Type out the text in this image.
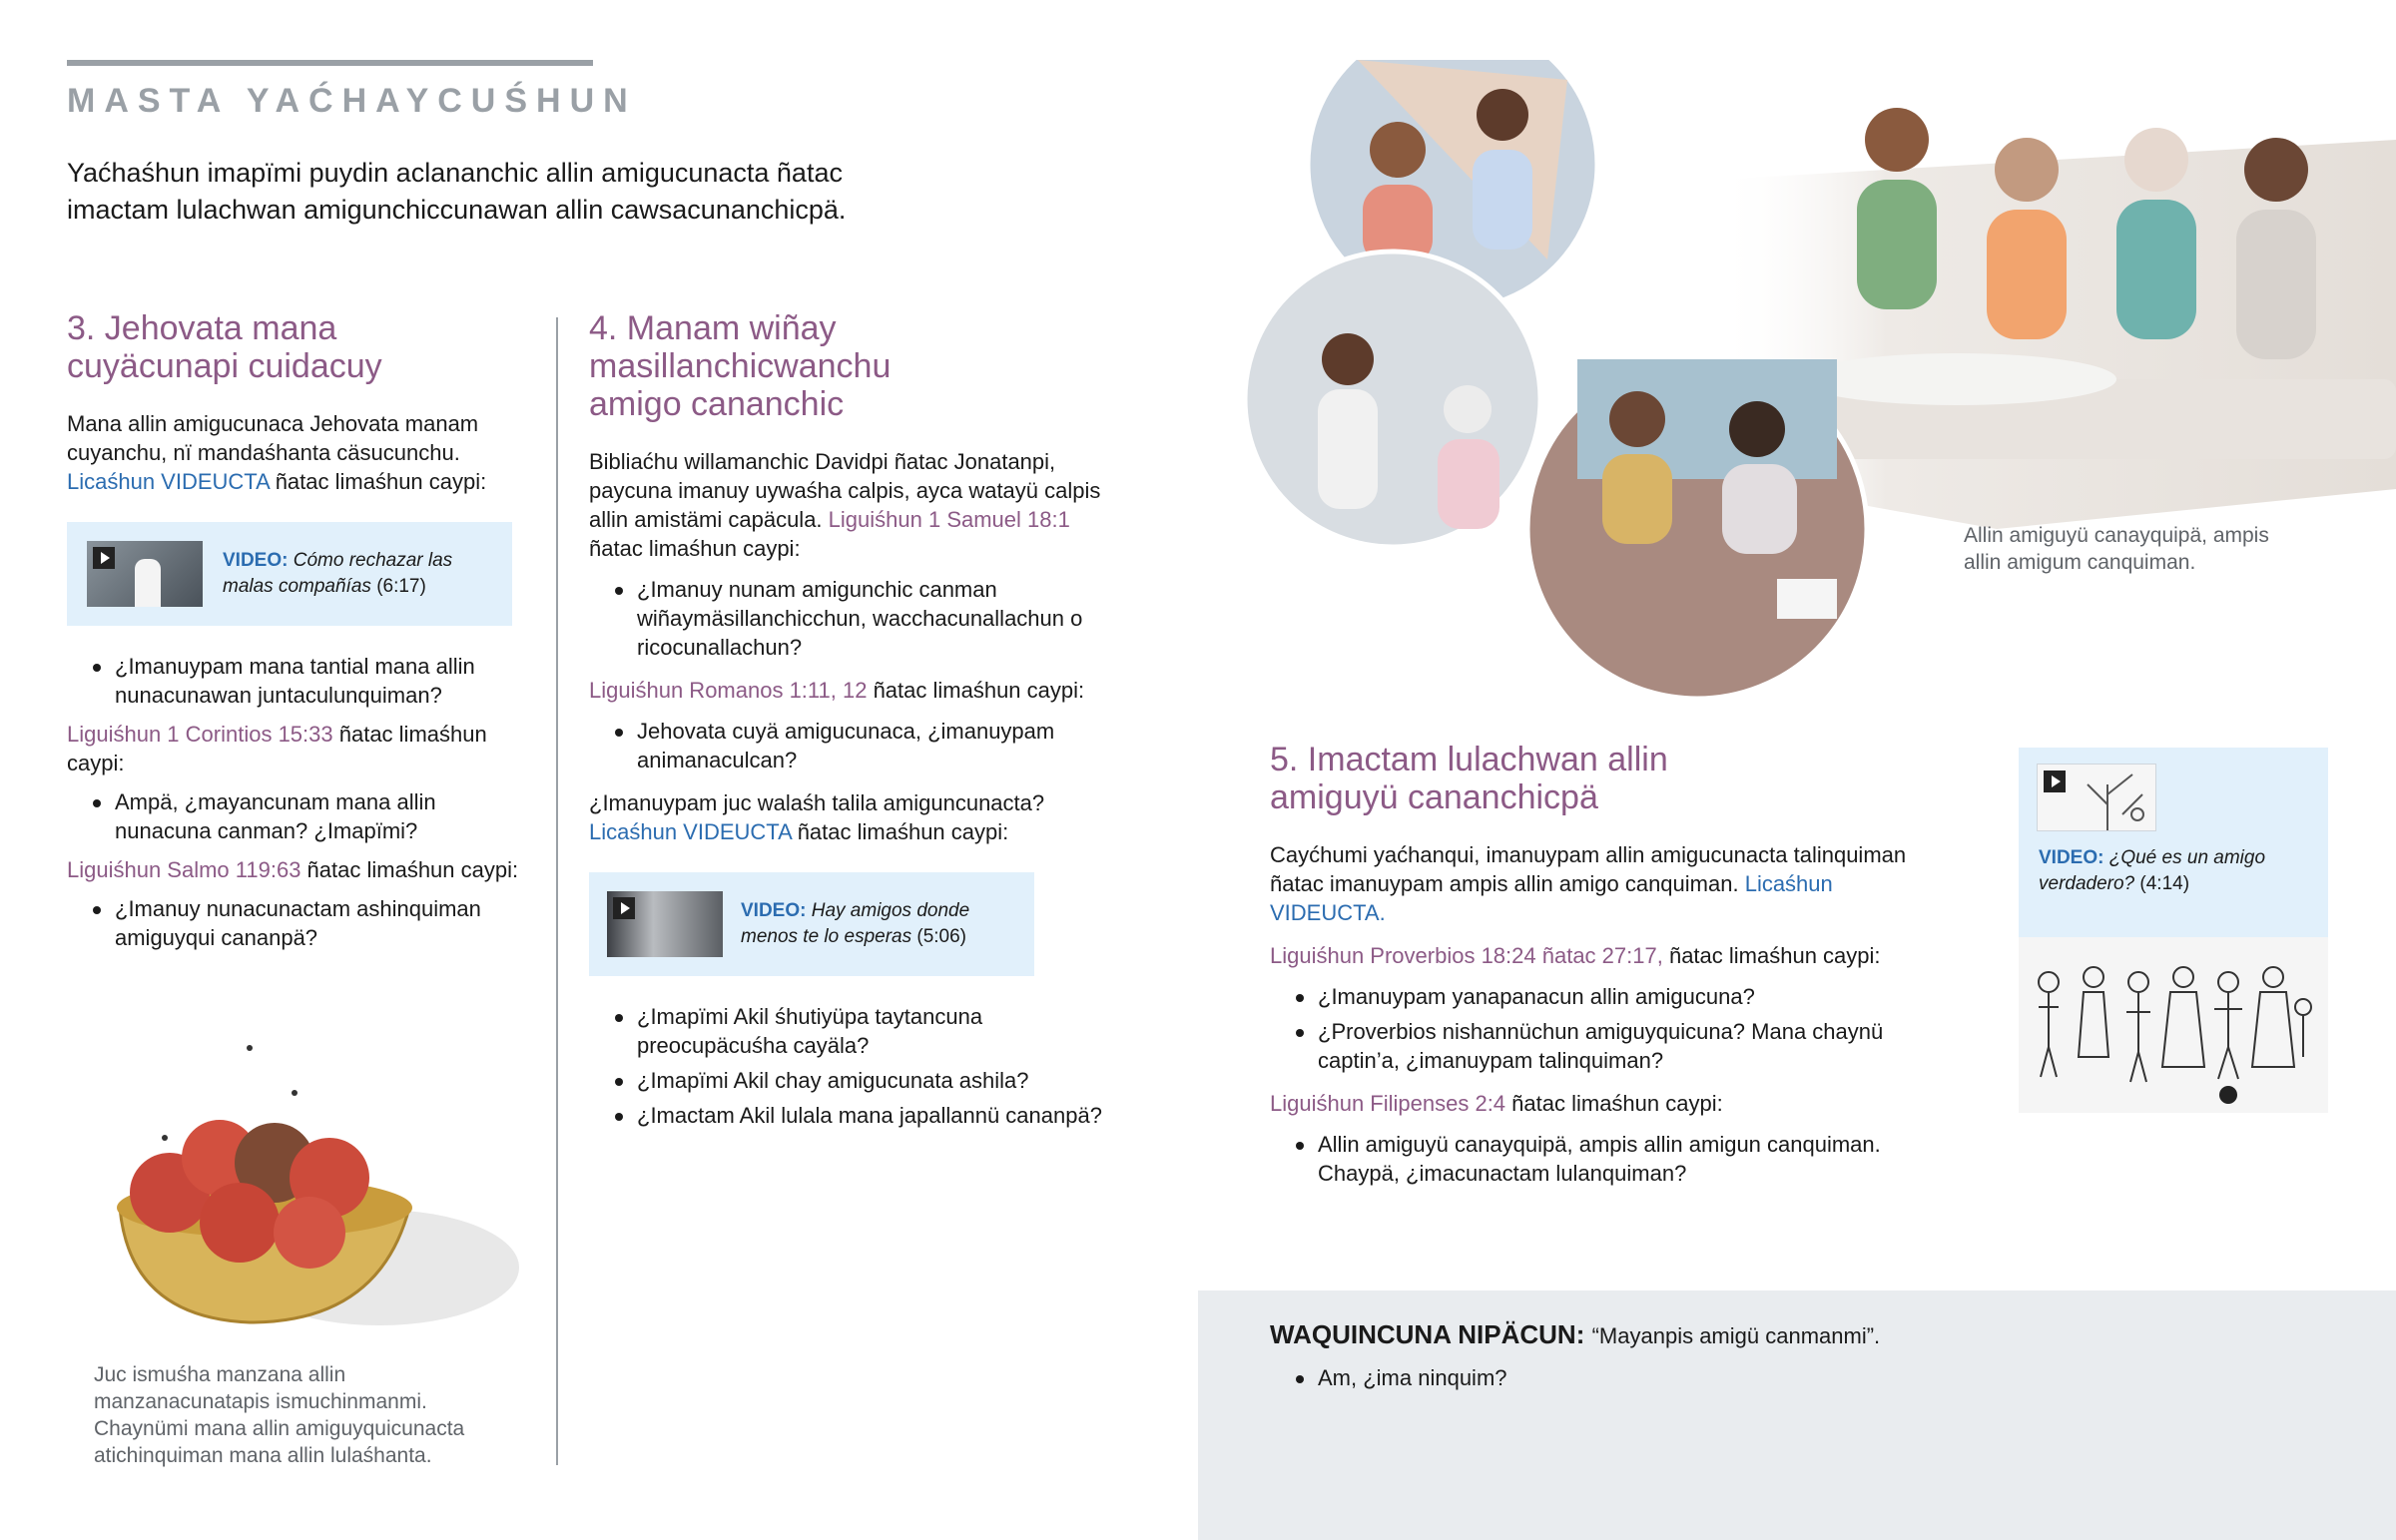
MASTA YAĆHAYCUŚHUN
Yaćhaśhun imapïmi puydin aclananchic allin amigucunacta ñatac imactam lulachwan amigunchiccunawan allin cawsacunanchicpä.
3. Jehovata mana cuyäcunapi cuidacuy

Mana allin amigucunaca Jehovata manam cuyanchu, nï mandaśhanta cäsucunchu.
Licaśhun VIDEUCTA ñatac limaśhun caypi:

VIDEO: Cómo rechazar las malas compañías (6:17)
¿Imanuypam mana tantial mana allin nunacunawan juntaculunquiman?

Liguiśhun 1 Corintios 15:33 ñatac limaśhun caypi:

Ampä, ¿mayancunam mana allin nunacuna canman? ¿Imapïmi?

Liguiśhun Salmo 119:63 ñatac limaśhun caypi:

¿Imanuy nunacunactam ashinquiman amiguyqui cananpä?
Juc ismuśha manzana allin manzanacunatapis ismuchinmanmi. Chaynümi mana allin amiguyquicunacta atichinquiman mana allin lulaśhanta.
4. Manam wiñay masillanchicwanchu amigo cananchic

Bibliaćhu willamanchic Davidpi ñatac Jonatanpi, paycuna imanuy uywaśha calpis, ayca watayü calpis allin amistämi capäcula. Liguiśhun 1 Samuel 18:1
ñatac limaśhun caypi:

¿Imanuy nunam amigunchic canman wiñaymäsillanchicchun, wacchacunallachun o ricocunallachun?

Liguiśhun Romanos 1:11, 12 ñatac limaśhun caypi:

Jehovata cuyä amigucunaca, ¿imanuypam animanaculcan?

¿Imanuypam juc walaśh talila amiguncunacta?
Licaśhun VIDEUCTA ñatac limaśhun caypi:

VIDEO: Hay amigos donde menos te lo esperas (5:06)
¿Imapïmi Akil śhutiyüpa taytancuna preocupäcuśha cayäla?
¿Imapïmi Akil chay amigucunata ashila?
¿Imactam Akil lulala mana japallannü cananpä?
Allin amiguyü canayquipä, ampis allin amigum canquiman.
5. Imactam lulachwan allin amiguyü cananchicpä

Cayćhumi yaćhanqui, imanuypam allin amigucunacta talinquiman ñatac imanuypam ampis allin amigo canquiman. Licaśhun VIDEUCTA.

Liguiśhun Proverbios 18:24 ñatac 27:17, ñatac limaśhun caypi:

¿Imanuypam yanapanacun allin amigucuna?
¿Proverbios nishannüchun amiguyquicuna? Mana chaynü captin’a, ¿imanuypam talinquiman?

Liguiśhun Filipenses 2:4 ñatac limaśhun caypi:

Allin amiguyü canayquipä, ampis allin amigun canquiman. Chaypä, ¿imacunactam lulanquiman?
VIDEO: ¿Qué es un amigo verdadero? (4:14)

WAQUINCUNA NIPÄCUN: “Mayanpis amigü canmanmi”.

Am, ¿ima ninquim?
